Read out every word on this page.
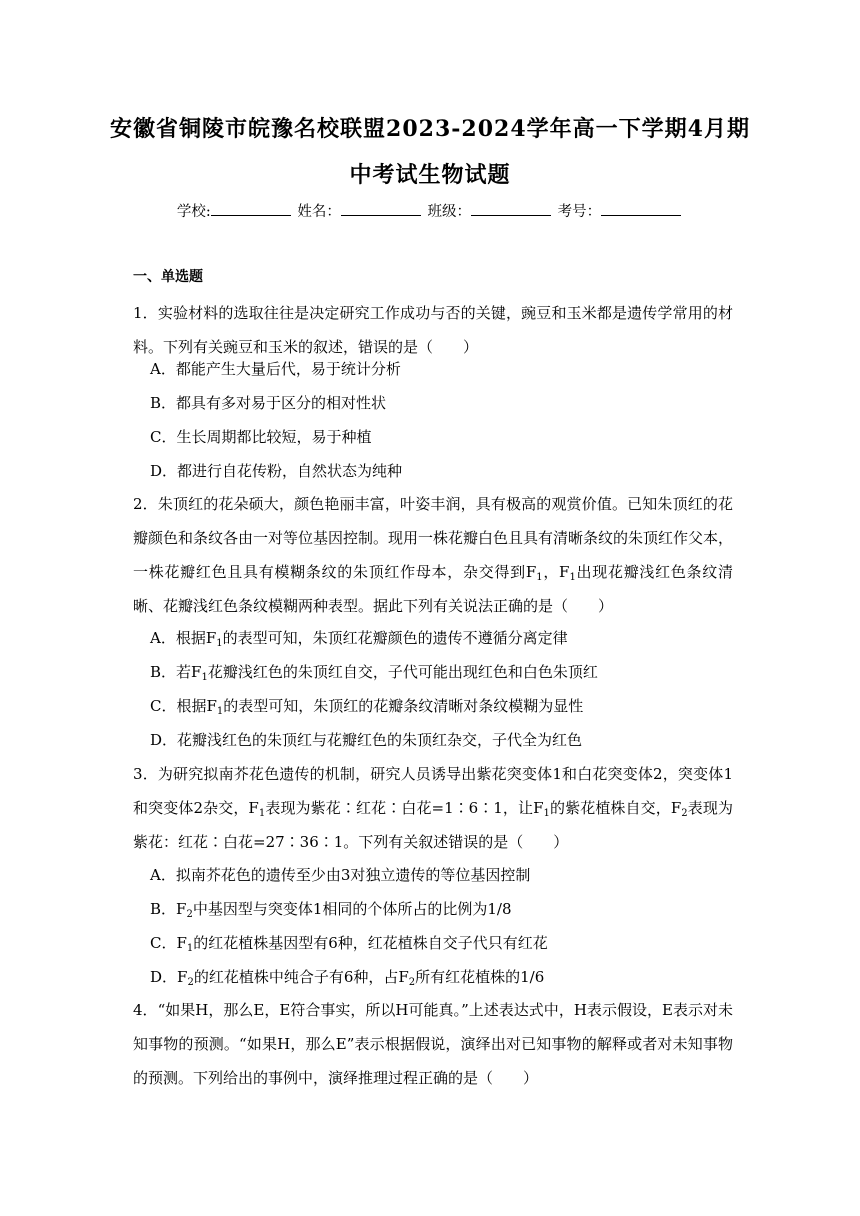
安徽省铜陵市皖豫名校联盟2023-2024学年高一下学期4月期
中考试生物试题
学校:	姓名：	班级：	考号：
一、单选题
1．实验材料的选取往往是决定研究工作成功与否的关键，豌豆和玉米都是遗传学常用的材料。下列有关豌豆和玉米的叙述，错误的是（　　）
A．都能产生大量后代，易于统计分析
B．都具有多对易于区分的相对性状
C．生长周期都比较短，易于种植
D．都进行自花传粉，自然状态为纯种
2．朱顶红的花朵硕大，颜色艳丽丰富，叶姿丰润，具有极高的观赏价值。已知朱顶红的花瓣颜色和条纹各由一对等位基因控制。现用一株花瓣白色且具有清晰条纹的朱顶红作父本，一株花瓣红色且具有模糊条纹的朱顶红作母本，杂交得到$F_1$，$F_1$出现花瓣浅红色条纹清晰、花瓣浅红色条纹模糊两种表型。据此下列有关说法正确的是（　　）
A．根据$F_1$的表型可知，朱顶红花瓣颜色的遗传不遵循分离定律
B．若$F_1$花瓣浅红色的朱顶红自交，子代可能出现红色和白色朱顶红
C．根据$F_1$的表型可知，朱顶红的花瓣条纹清晰对条纹模糊为显性
D．花瓣浅红色的朱顶红与花瓣红色的朱顶红杂交，子代全为红色
3．为研究拟南芥花色遗传的机制，研究人员诱导出紫花突变体1和白花突变体2，突变体1和突变体2杂交，$F_1$表现为紫花∶红花∶白花=1∶6∶1，让$F_1$的紫花植株自交，$F_2$表现为紫花：红花∶白花=27∶36∶1。下列有关叙述错误的是（　　）
A．拟南芥花色的遗传至少由3对独立遗传的等位基因控制
B．$F_2$中基因型与突变体1相同的个体所占的比例为1/8
C．$F_1$的红花植株基因型有6种，红花植株自交子代只有红花
D．$F_2$的红花植株中纯合子有6种，占$F_2$所有红花植株的1/6
4．“如果H，那么E，E符合事实，所以H可能真。”上述表达式中，H表示假设，E表示对未知事物的预测。“如果H，那么E”表示根据假说，演绎出对已知事物的解释或者对未知事物的预测。下列给出的事例中，演绎推理过程正确的是（　　）
